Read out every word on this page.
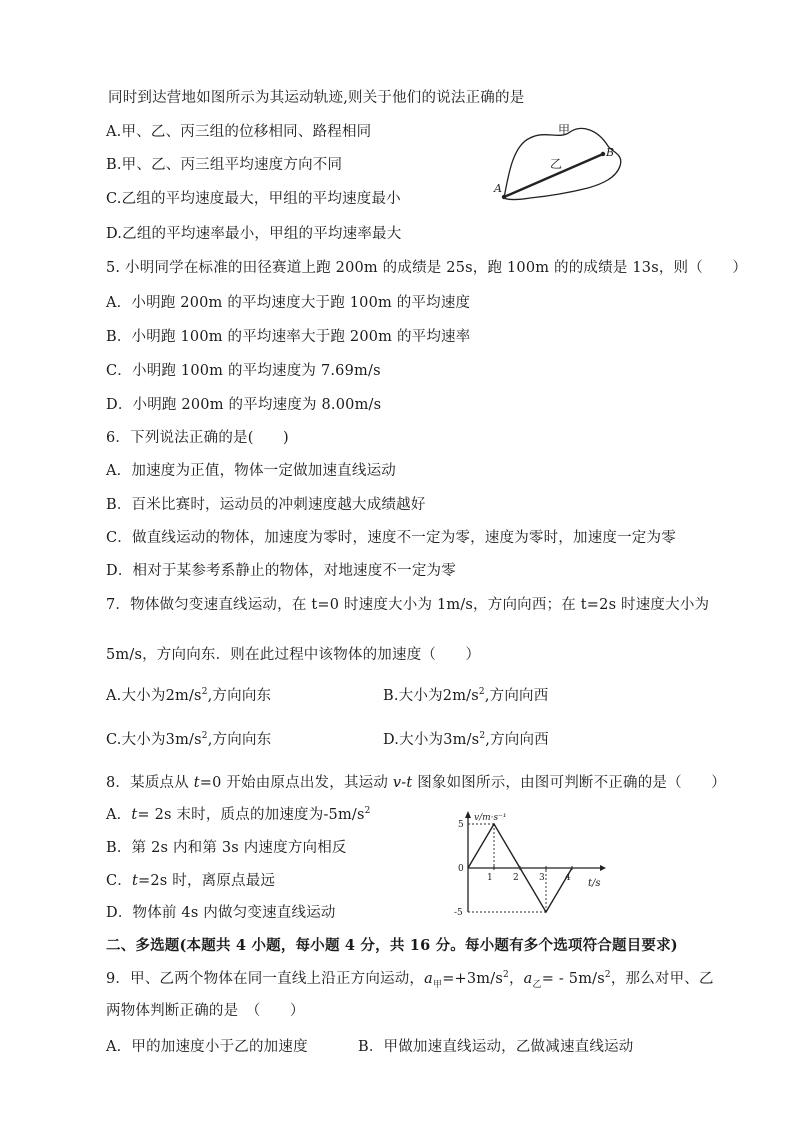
同时到达营地如图所示为其运动轨迹,则关于他们的说法正确的是
A.甲、乙、丙三组的位移相同、路程相同
B.甲、乙、丙三组平均速度方向不同
C.乙组的平均速度最大，甲组的平均速度最小
D.乙组的平均速率最小，甲组的平均速率最大
甲
乙
A
B
5. 小明同学在标准的田径赛道上跑 200m 的成绩是 25s，跑 100m 的的成绩是 13s，则（　　）
A．小明跑 200m 的平均速度大于跑 100m 的平均速度
B．小明跑 100m 的平均速率大于跑 200m 的平均速率
C．小明跑 100m 的平均速度为 7.69m/s
D．小明跑 200m 的平均速度为 8.00m/s
6．下列说法正确的是(　　)
A．加速度为正值，物体一定做加速直线运动
B．百米比赛时，运动员的冲刺速度越大成绩越好
C．做直线运动的物体，加速度为零时，速度不一定为零，速度为零时，加速度一定为零
D．相对于某参考系静止的物体，对地速度不一定为零
7．物体做匀变速直线运动，在 t=0 时速度大小为 1m/s，方向向西；在 t=2s 时速度大小为
5m/s，方向向东．则在此过程中该物体的加速度（　　）
A.大小为$2m/s^2$,方向向东	B.大小为$2m/s^2$,方向向西
C.大小为$3m/s^2$,方向向东	D.大小为$3m/s^2$,方向向西
8．某质点从 t=0 开始由原点出发，其运动 v-t 图象如图所示，由图可判断不正确的是（　　）
A．t= 2s 末时，质点的加速度为$-5m/s^2$
B．第 2s 内和第 3s 内速度方向相反
C．t=2s 时，离原点最远
D．物体前 4s 内做匀变速直线运动
v/m·s⁻¹
t/s
1 2 3 4
5
0
-5
二、多选题(本题共 4 小题，每小题 4 分，共 16 分。每小题有多个选项符合题目要求)
9．甲、乙两个物体在同一直线上沿正方向运动，$a_甲=+3m/s^2$，$a_乙= - 5m/s^2$，那么对甲、乙
两物体判断正确的是　（　　）
A．甲的加速度小于乙的加速度	B．甲做加速直线运动，乙做减速直线运动
